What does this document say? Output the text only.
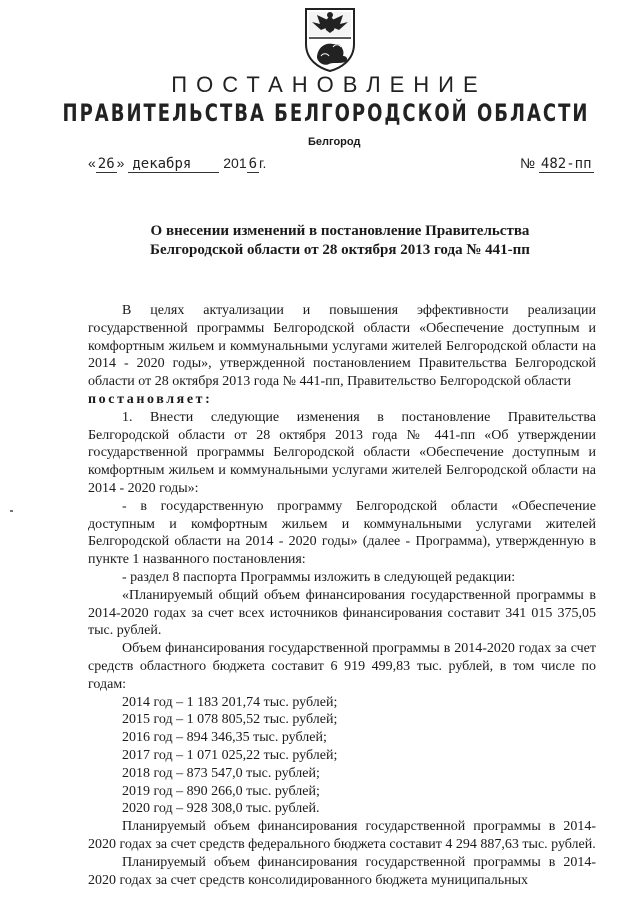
ПОСТАНОВЛЕНИЕ
ПРАВИТЕЛЬСТВА БЕЛГОРОДСКОЙ ОБЛАСТИ
Белгород
« 26 » декабря 201 6 г.	№ 482-пп
О внесении изменений в постановление Правительства
Белгородской области от 28 октября 2013 года № 441-пп

В целях актуализации и повышения эффективности реализации государственной программы Белгородской области «Обеспечение доступным и комфортным жильем и коммунальными услугами жителей Белгородской области на 2014 - 2020 годы», утвержденной постановлением Правительства Белгородской области от 28 октября 2013 года № 441-пп, Правительство Белгородской области

постановляет:

1. Внести следующие изменения в постановление Правительства Белгородской области от 28 октября 2013 года № 441-пп «Об утверждении государственной программы Белгородской области «Обеспечение доступным и комфортным жильем и коммунальными услугами жителей Белгородской области на 2014 - 2020 годы»:

- в государственную программу Белгородской области «Обеспечение доступным и комфортным жильем и коммунальными услугами жителей Белгородской области на 2014 - 2020 годы» (далее - Программа), утвержденную в пункте 1 названного постановления:

- раздел 8 паспорта Программы изложить в следующей редакции:

«Планируемый общий объем финансирования государственной программы в 2014-2020 годах за счет всех источников финансирования составит 341 015 375,05 тыс. рублей.

Объем финансирования государственной программы в 2014-2020 годах за счет средств областного бюджета составит 6 919 499,83 тыс. рублей, в том числе по годам:

2014 год – 1 183 201,74 тыс. рублей;

2015 год – 1 078 805,52 тыс. рублей;

2016 год – 894 346,35 тыс. рублей;

2017 год – 1 071 025,22 тыс. рублей;

2018 год – 873 547,0 тыс. рублей;

2019 год – 890 266,0 тыс. рублей;

2020 год – 928 308,0 тыс. рублей.

Планируемый объем финансирования государственной программы в 2014-2020 годах за счет средств федерального бюджета составит 4 294 887,63 тыс. рублей.

Планируемый объем финансирования государственной программы в 2014-2020 годах за счет средств консолидированного бюджета муниципальных
